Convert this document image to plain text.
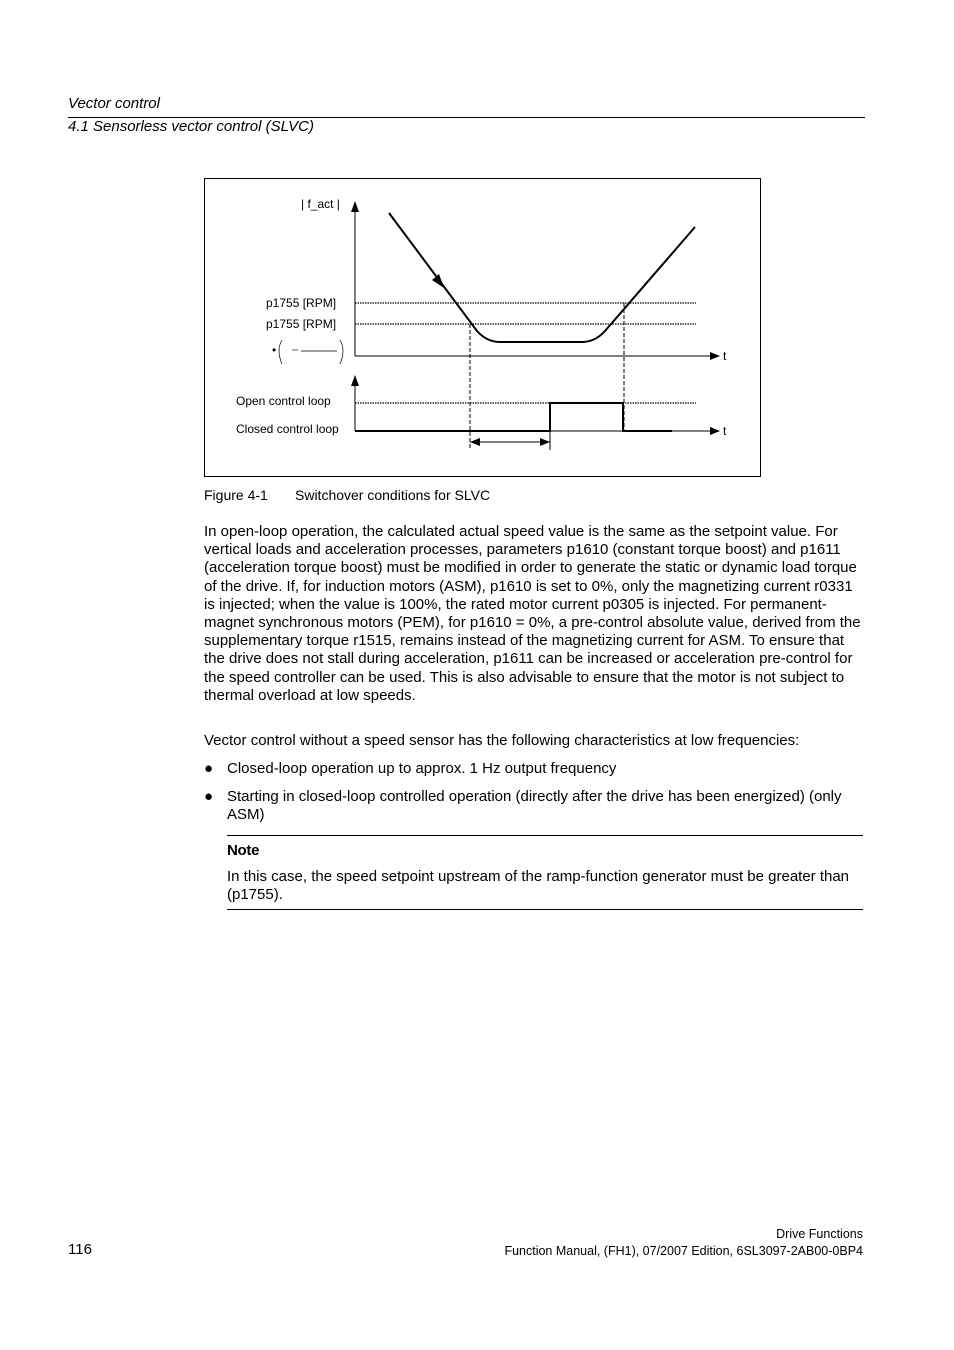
Vector control
4.1 Sensorless vector control (SLVC)
| f_act |
p1755 [RPM]
p1755 [RPM]
•	t
Open control loop
Closed control loop	t
Figure 4-1 Switchover conditions for SLVC
In open-loop operation, the calculated actual speed value is the same as the setpoint value. For vertical loads and acceleration processes, parameters p1610 (constant torque boost) and p1611 (acceleration torque boost) must be modified in order to generate the static or dynamic load torque of the drive. If, for induction motors (ASM), p1610 is set to 0%, only the magnetizing current r0331 is injected; when the value is 100%, the rated motor current p0305 is injected. For permanent-magnet synchronous motors (PEM), for p1610 = 0%, a pre-control absolute value, derived from the supplementary torque r1515, remains instead of the magnetizing current for ASM. To ensure that the drive does not stall during acceleration, p1611 can be increased or acceleration pre-control for the speed controller can be used. This is also advisable to ensure that the motor is not subject to thermal overload at low speeds.
Vector control without a speed sensor has the following characteristics at low frequencies:
● Closed-loop operation up to approx. 1 Hz output frequency
● Starting in closed-loop controlled operation (directly after the drive has been energized) (only ASM)
Note
In this case, the speed setpoint upstream of the ramp-function generator must be greater than (p1755).
116
Drive Functions
Function Manual, (FH1), 07/2007 Edition, 6SL3097-2AB00-0BP4
